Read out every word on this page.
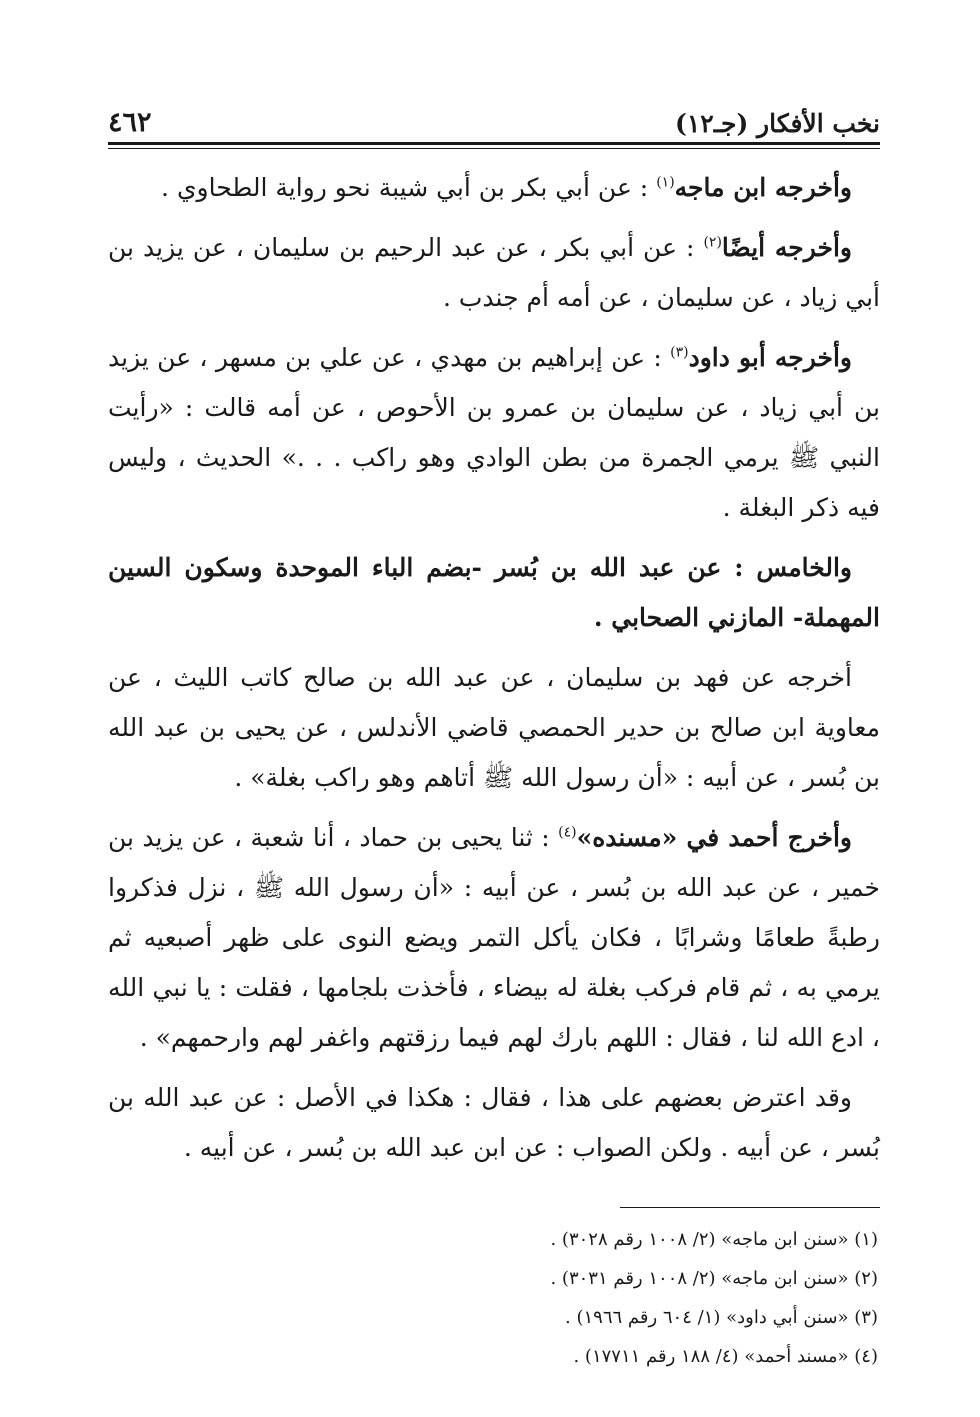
نخب الأفكار (جـ١٢)
٤٦٢

وأخرجه ابن ماجه$^{(١)}$ : عن أبي بكر بن أبي شيبة نحو رواية الطحاوي .

وأخرجه أيضًا$^{(٢)}$ : عن أبي بكر ، عن عبد الرحيم بن سليمان ، عن يزيد بن أبي زياد ، عن سليمان ، عن أمه أم جندب .

وأخرجه أبو داود$^{(٣)}$ : عن إبراهيم بن مهدي ، عن علي بن مسهر ، عن يزيد بن أبي زياد ، عن سليمان بن عمرو بن الأحوص ، عن أمه قالت : «رأيت النبي ﷺ يرمي الجمرة من بطن الوادي وهو راكب . . .» الحديث ، وليس فيه ذكر البغلة .

والخامس : عن عبد الله بن بُسر -بضم الباء الموحدة وسكون السين المهملة- المازني الصحابي .

أخرجه عن فهد بن سليمان ، عن عبد الله بن صالح كاتب الليث ، عن معاوية ابن صالح بن حدير الحمصي قاضي الأندلس ، عن يحيى بن عبد الله بن بُسر ، عن أبيه : «أن رسول الله ﷺ أتاهم وهو راكب بغلة» .

وأخرج أحمد في «مسنده»$^{(٤)}$ : ثنا يحيى بن حماد ، أنا شعبة ، عن يزيد بن خمير ، عن عبد الله بن بُسر ، عن أبيه : «أن رسول الله ﷺ ، نزل فذكروا رطبةً طعامًا وشرابًا ، فكان يأكل التمر ويضع النوى على ظهر أصبعيه ثم يرمي به ، ثم قام فركب بغلة له بيضاء ، فأخذت بلجامها ، فقلت : يا نبي الله ، ادع الله لنا ، فقال : اللهم بارك لهم فيما رزقتهم واغفر لهم وارحمهم» .

وقد اعترض بعضهم على هذا ، فقال : هكذا في الأصل : عن عبد الله بن بُسر ، عن أبيه . ولكن الصواب : عن ابن عبد الله بن بُسر ، عن أبيه .

(١) «سنن ابن ماجه» (٢/ ١٠٠٨ رقم ٣٠٢٨) .

(٢) «سنن ابن ماجه» (٢/ ١٠٠٨ رقم ٣٠٣١) .

(٣) «سنن أبي داود» (١/ ٦٠٤ رقم ١٩٦٦) .

(٤) «مسند أحمد» (٤/ ١٨٨ رقم ١٧٧١١) .
